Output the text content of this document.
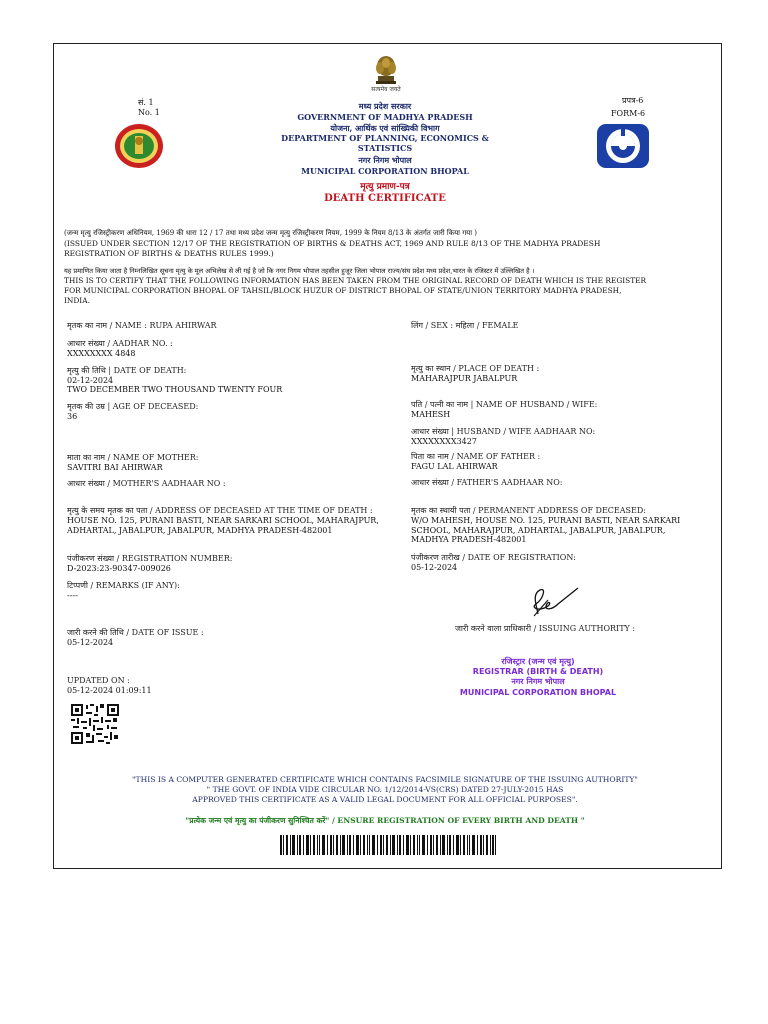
सत्यमेव जयते
सं. 1
No. 1
प्रपत्र-6
FORM-6
मध्य प्रदेश सरकार
GOVERNMENT OF MADHYA PRADESH
योजना, आर्थिक एवं सांख्यिकी विभाग
DEPARTMENT OF PLANNING, ECONOMICS &
STATISTICS
नगर निगम भोपाल
MUNICIPAL CORPORATION BHOPAL
मृत्यु प्रमाण-पत्र
DEATH CERTIFICATE
(जन्म मृत्यु रजिस्ट्रीकरण अधिनियम, 1969 की धारा 12 / 17 तथा मध्य प्रदेश जन्म मृत्यु रजिस्ट्रीकरण नियम, 1999 के नियम 8/13 के अंतर्गत जारी किया गया )
(ISSUED UNDER SECTION 12/17 OF THE REGISTRATION OF BIRTHS & DEATHS ACT, 1969 AND RULE 8/13 OF THE MADHYA PRADESH
REGISTRATION OF BIRTHS & DEATHS RULES 1999.)
यह प्रमाणित किया जाता है निम्नलिखित सूचना मृत्यु के मूल अभिलेख से ली गई है जो कि नगर निगम भोपाल तहसील हुजूर जिला भोपाल राज्य/संघ प्रदेश मध्य प्रदेश,भारत के रजिस्टर में उल्लिखित है ।
THIS IS TO CERTIFY THAT THE FOLLOWING INFORMATION HAS BEEN TAKEN FROM THE ORIGINAL RECORD OF DEATH WHICH IS THE REGISTER
FOR MUNICIPAL CORPORATION BHOPAL OF TAHSIL/BLOCK HUZUR OF DISTRICT BHOPAL OF STATE/UNION TERRITORY MADHYA PRADESH,
INDIA.
मृतक का नाम / NAME : RUPA AHIRWAR	लिंग / SEX : महिला / FEMALE
आधार संख्या / AADHAR NO. :
XXXXXXXX 4848
मृत्यु की तिथि | DATE OF DEATH:
02-12-2024
TWO DECEMBER TWO THOUSAND TWENTY FOUR
मृत्यु का स्थान / PLACE OF DEATH :
MAHARAJPUR JABALPUR
मृतक की उम्र | AGE OF DECEASED:
36
पति / पत्नी का नाम | NAME OF HUSBAND / WIFE:
MAHESH
आधार संख्या | HUSBAND / WIFE AADHAAR NO:
XXXXXXXX3427
माता का नाम / NAME OF MOTHER:
SAVITRI BAI AHIRWAR
पिता का नाम / NAME OF FATHER :
FAGU LAL AHIRWAR
आधार संख्या / MOTHER'S AADHAAR NO :	आधार संख्या / FATHER'S AADHAAR NO:
मृत्यु के समय मृतक का पता / ADDRESS OF DECEASED AT THE TIME OF DEATH :
HOUSE NO. 125, PURANI BASTI, NEAR SARKARI SCHOOL, MAHARAJPUR,
ADHARTAL, JABALPUR, JABALPUR, MADHYA PRADESH-482001
मृतक का स्थायी पता / PERMANENT ADDRESS OF DECEASED:
W/O MAHESH, HOUSE NO. 125, PURANI BASTI, NEAR SARKARI
SCHOOL, MAHARAJPUR, ADHARTAL, JABALPUR, JABALPUR,
MADHYA PRADESH-482001
पंजीकरण संख्या / REGISTRATION NUMBER:
D-2023:23-90347-009026
पंजीकरण तारीख / DATE OF REGISTRATION:
05-12-2024
टिप्पणी / REMARKS (IF ANY):
----
जारी करने की तिथि / DATE OF ISSUE :
05-12-2024
जारी करने वाला प्राधिकारी / ISSUING AUTHORITY :
रजिस्ट्रार (जन्म एवं मृत्यु)
REGISTRAR (BIRTH & DEATH)
नगर निगम भोपाल
MUNICIPAL CORPORATION BHOPAL
UPDATED ON :
05-12-2024 01:09:11
"THIS IS A COMPUTER GENERATED CERTIFICATE WHICH CONTAINS FACSIMILE SIGNATURE OF THE ISSUING AUTHORITY"
" THE GOVT. OF INDIA VIDE CIRCULAR NO. 1/12/2014-VS(CRS) DATED 27-JULY-2015 HAS
APPROVED THIS CERTIFICATE AS A VALID LEGAL DOCUMENT FOR ALL OFFICIAL PURPOSES".
"प्रत्येक जन्म एवं मृत्यु का पंजीकरण सुनिश्चित करें" / ENSURE REGISTRATION OF EVERY BIRTH AND DEATH "
